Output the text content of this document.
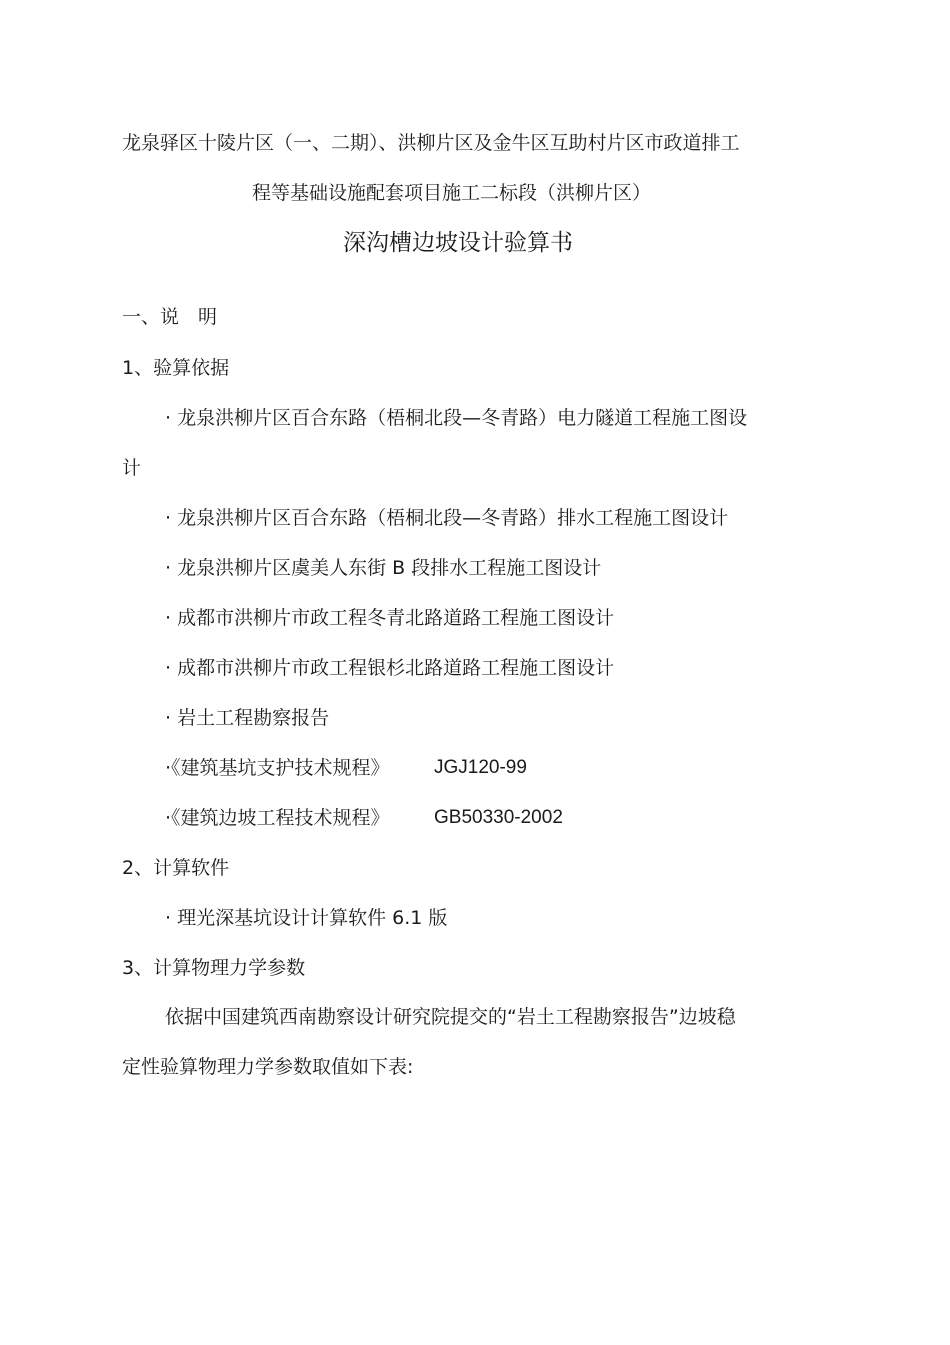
龙泉驿区十陵片区（一、二期）、洪柳片区及金牛区互助村片区市政道排工
程等基础设施配套项目施工二标段（洪柳片区）
深沟槽边坡设计验算书
一、说　明
1、验算依据
· 龙泉洪柳片区百合东路（梧桐北段—冬青路）电力隧道工程施工图设
计
· 龙泉洪柳片区百合东路（梧桐北段—冬青路）排水工程施工图设计
· 龙泉洪柳片区虞美人东街 B 段排水工程施工图设计
· 成都市洪柳片市政工程冬青北路道路工程施工图设计
· 成都市洪柳片市政工程银杉北路道路工程施工图设计
· 岩土工程勘察报告
·《建筑基坑支护技术规程》 JGJ120-99
·《建筑边坡工程技术规程》 GB50330-2002
2、计算软件
· 理光深基坑设计计算软件 6.1 版
3、计算物理力学参数
依据中国建筑西南勘察设计研究院提交的“岩土工程勘察报告”边坡稳
定性验算物理力学参数取值如下表:
